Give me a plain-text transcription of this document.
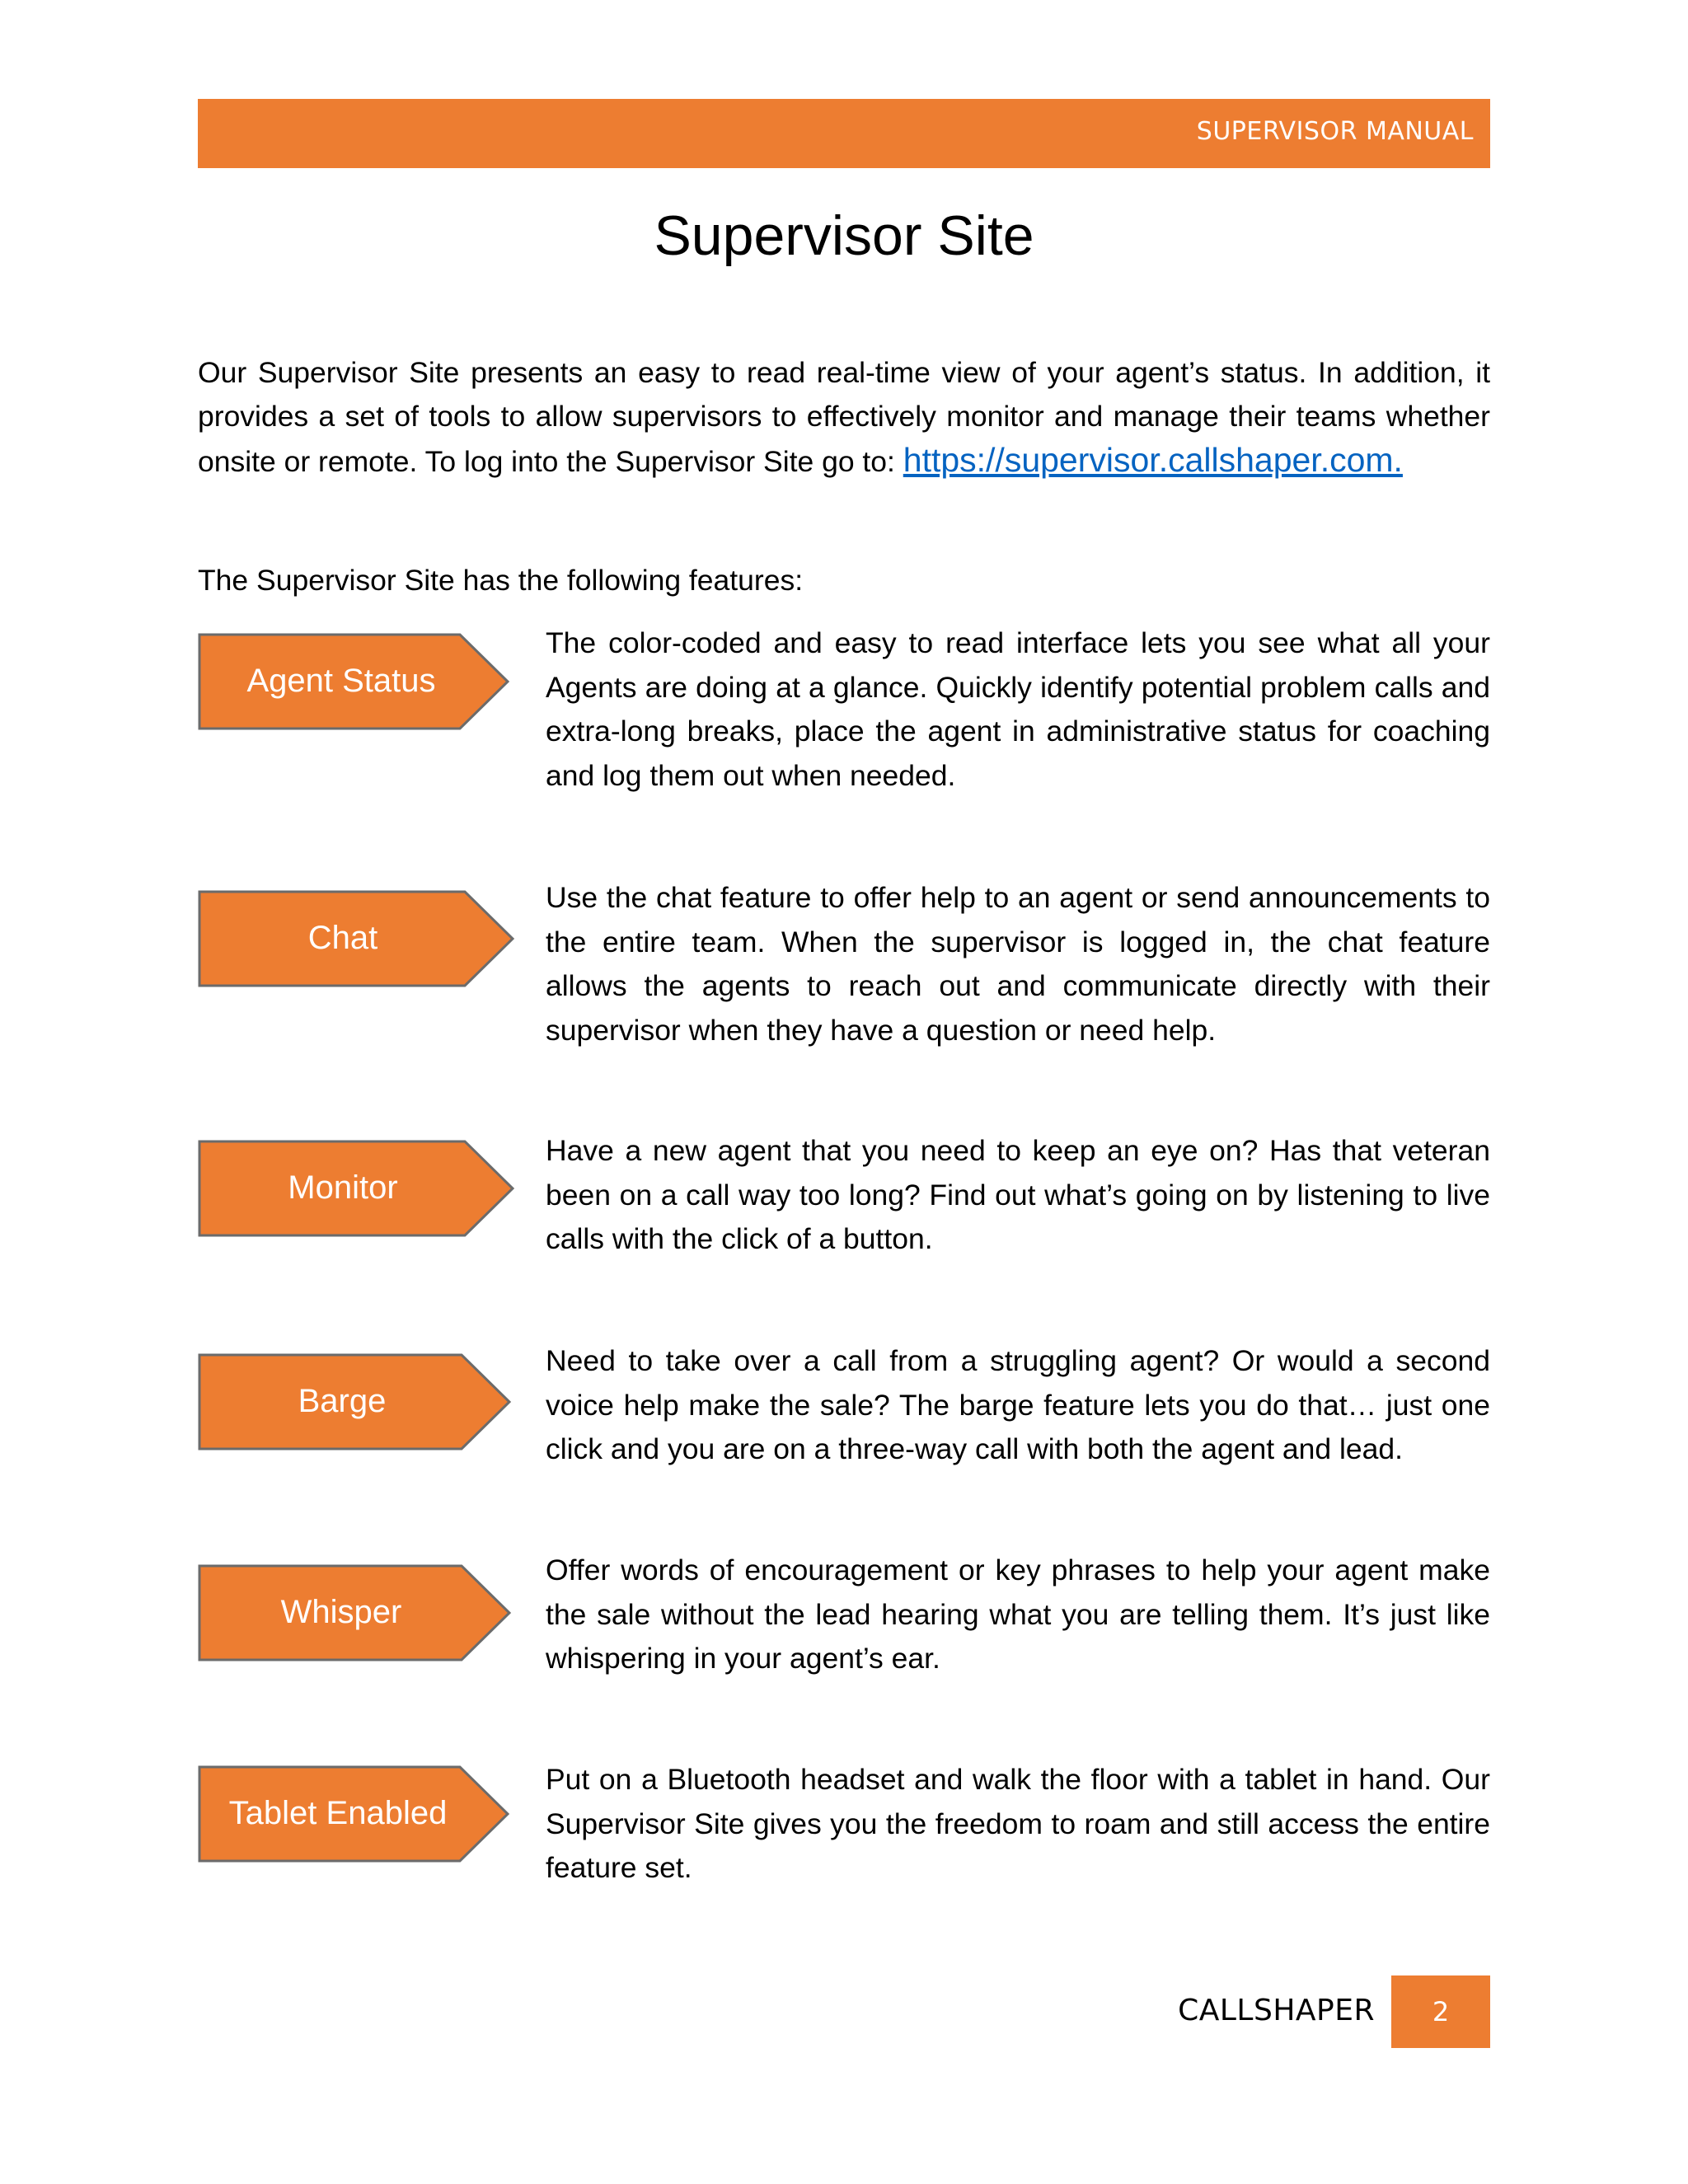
SUPERVISOR MANUAL
Supervisor Site

Our Supervisor Site presents an easy to read real-time view of your agent’s status. In addition, it provides a set of tools to allow supervisors to effectively monitor and manage their teams whether onsite or remote. To log into the Supervisor Site go to: https://supervisor.callshaper.com.

The Supervisor Site has the following features:
Agent Status
The color-coded and easy to read interface lets you see what all your Agents are doing at a glance. Quickly identify potential problem calls and extra-long breaks, place the agent in administrative status for coaching and log them out when needed.
Chat
Use the chat feature to offer help to an agent or send announcements to the entire team. When the supervisor is logged in, the chat feature allows the agents to reach out and communicate directly with their supervisor when they have a question or need help.
Monitor
Have a new agent that you need to keep an eye on? Has that veteran been on a call way too long? Find out what’s going on by listening to live calls with the click of a button.
Barge
Need to take over a call from a struggling agent? Or would a second voice help make the sale? The barge feature lets you do that… just one click and you are on a three-way call with both the agent and lead.
Whisper
Offer words of encouragement or key phrases to help your agent make the sale without the lead hearing what you are telling them. It’s just like whispering in your agent’s ear.
Tablet Enabled
Put on a Bluetooth headset and walk the floor with a tablet in hand. Our Supervisor Site gives you the freedom to roam and still access the entire feature set.
CALLSHAPER	2
